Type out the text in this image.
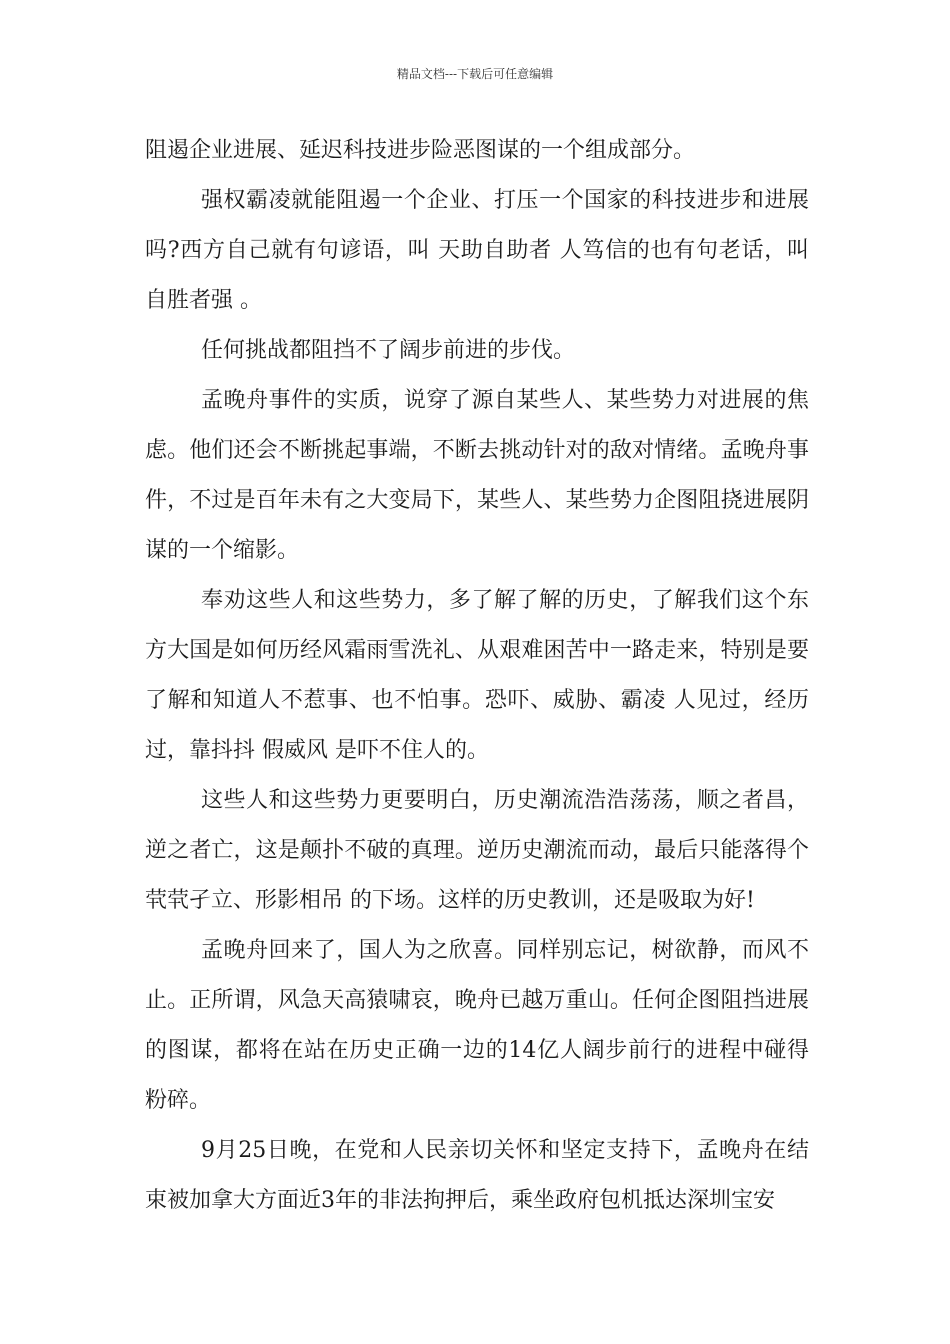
精品文档---下载后可任意编辑

阻遏企业进展、延迟科技进步险恶图谋的一个组成部分。

强权霸凌就能阻遏一个企业、打压一个国家的科技进步和进展吗?西方自己就有句谚语，叫 天助自助者 人笃信的也有句老话，叫 自胜者强 。

任何挑战都阻挡不了阔步前进的步伐。

孟晚舟事件的实质，说穿了源自某些人、某些势力对进展的焦虑。他们还会不断挑起事端，不断去挑动针对的敌对情绪。孟晚舟事件，不过是百年未有之大变局下，某些人、某些势力企图阻挠进展阴谋的一个缩影。

奉劝这些人和这些势力，多了解了解的历史，了解我们这个东方大国是如何历经风霜雨雪洗礼、从艰难困苦中一路走来，特别是要了解和知道人不惹事、也不怕事。恐吓、威胁、霸凌 人见过，经历过，靠抖抖 假威风 是吓不住人的。

这些人和这些势力更要明白，历史潮流浩浩荡荡，顺之者昌，逆之者亡，这是颠扑不破的真理。逆历史潮流而动，最后只能落得个 茕茕孑立、形影相吊 的下场。这样的历史教训，还是吸取为好!

孟晚舟回来了，国人为之欣喜。同样别忘记，树欲静，而风不止。正所谓，风急天高猿啸哀，晚舟已越万重山。任何企图阻挡进展的图谋，都将在站在历史正确一边的14亿人阔步前行的进程中碰得粉碎。

9月25日晚，在党和人民亲切关怀和坚定支持下，孟晚舟在结束被加拿大方面近3年的非法拘押后，乘坐政府包机抵达深圳宝安
